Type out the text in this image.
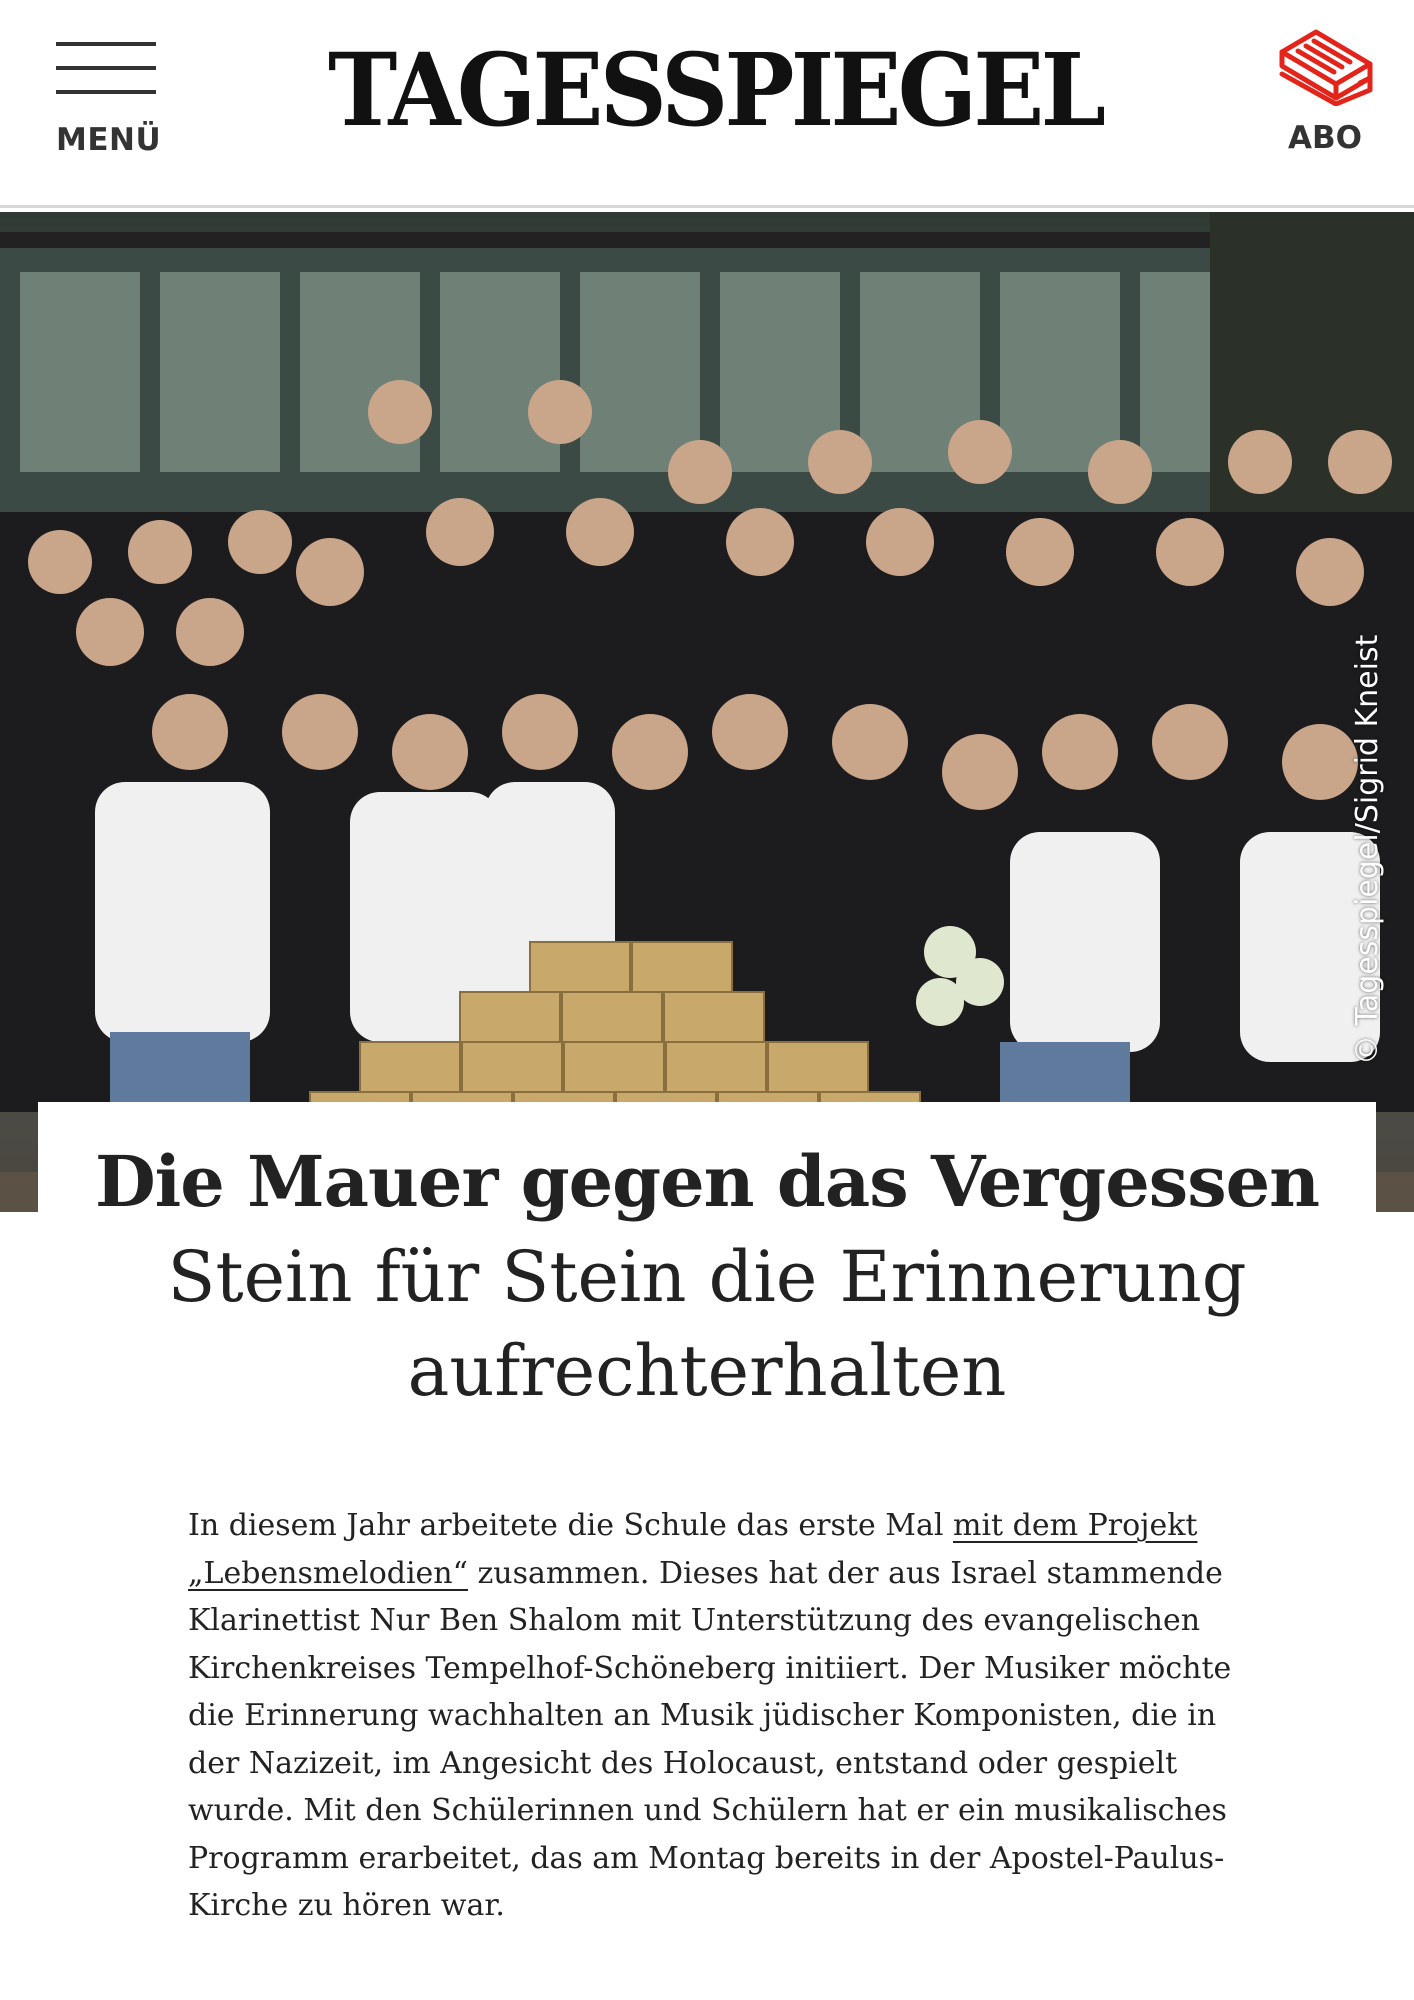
MENÜ TAGESSPIEGEL	ABO
© Tagesspiegel/Sigrid Kneist
Die Mauer gegen das Vergessen
Stein für Stein die Erinnerung aufrechterhalten
In diesem Jahr arbeitete die Schule das erste Mal mit dem Projekt „Lebensmelodien“ zusammen. Dieses hat der aus Israel stammende Klarinettist Nur Ben Shalom mit Unterstützung des evangelischen Kirchenkreises Tempelhof-Schöneberg initiiert. Der Musiker möchte die Erinnerung wachhalten an Musik jüdischer Komponisten, die in der Nazizeit, im Angesicht des Holocaust, entstand oder gespielt wurde. Mit den Schülerinnen und Schülern hat er ein musikalisches Programm erarbeitet, das am Montag bereits in der Apostel-Paulus-Kirche zu hören war.
